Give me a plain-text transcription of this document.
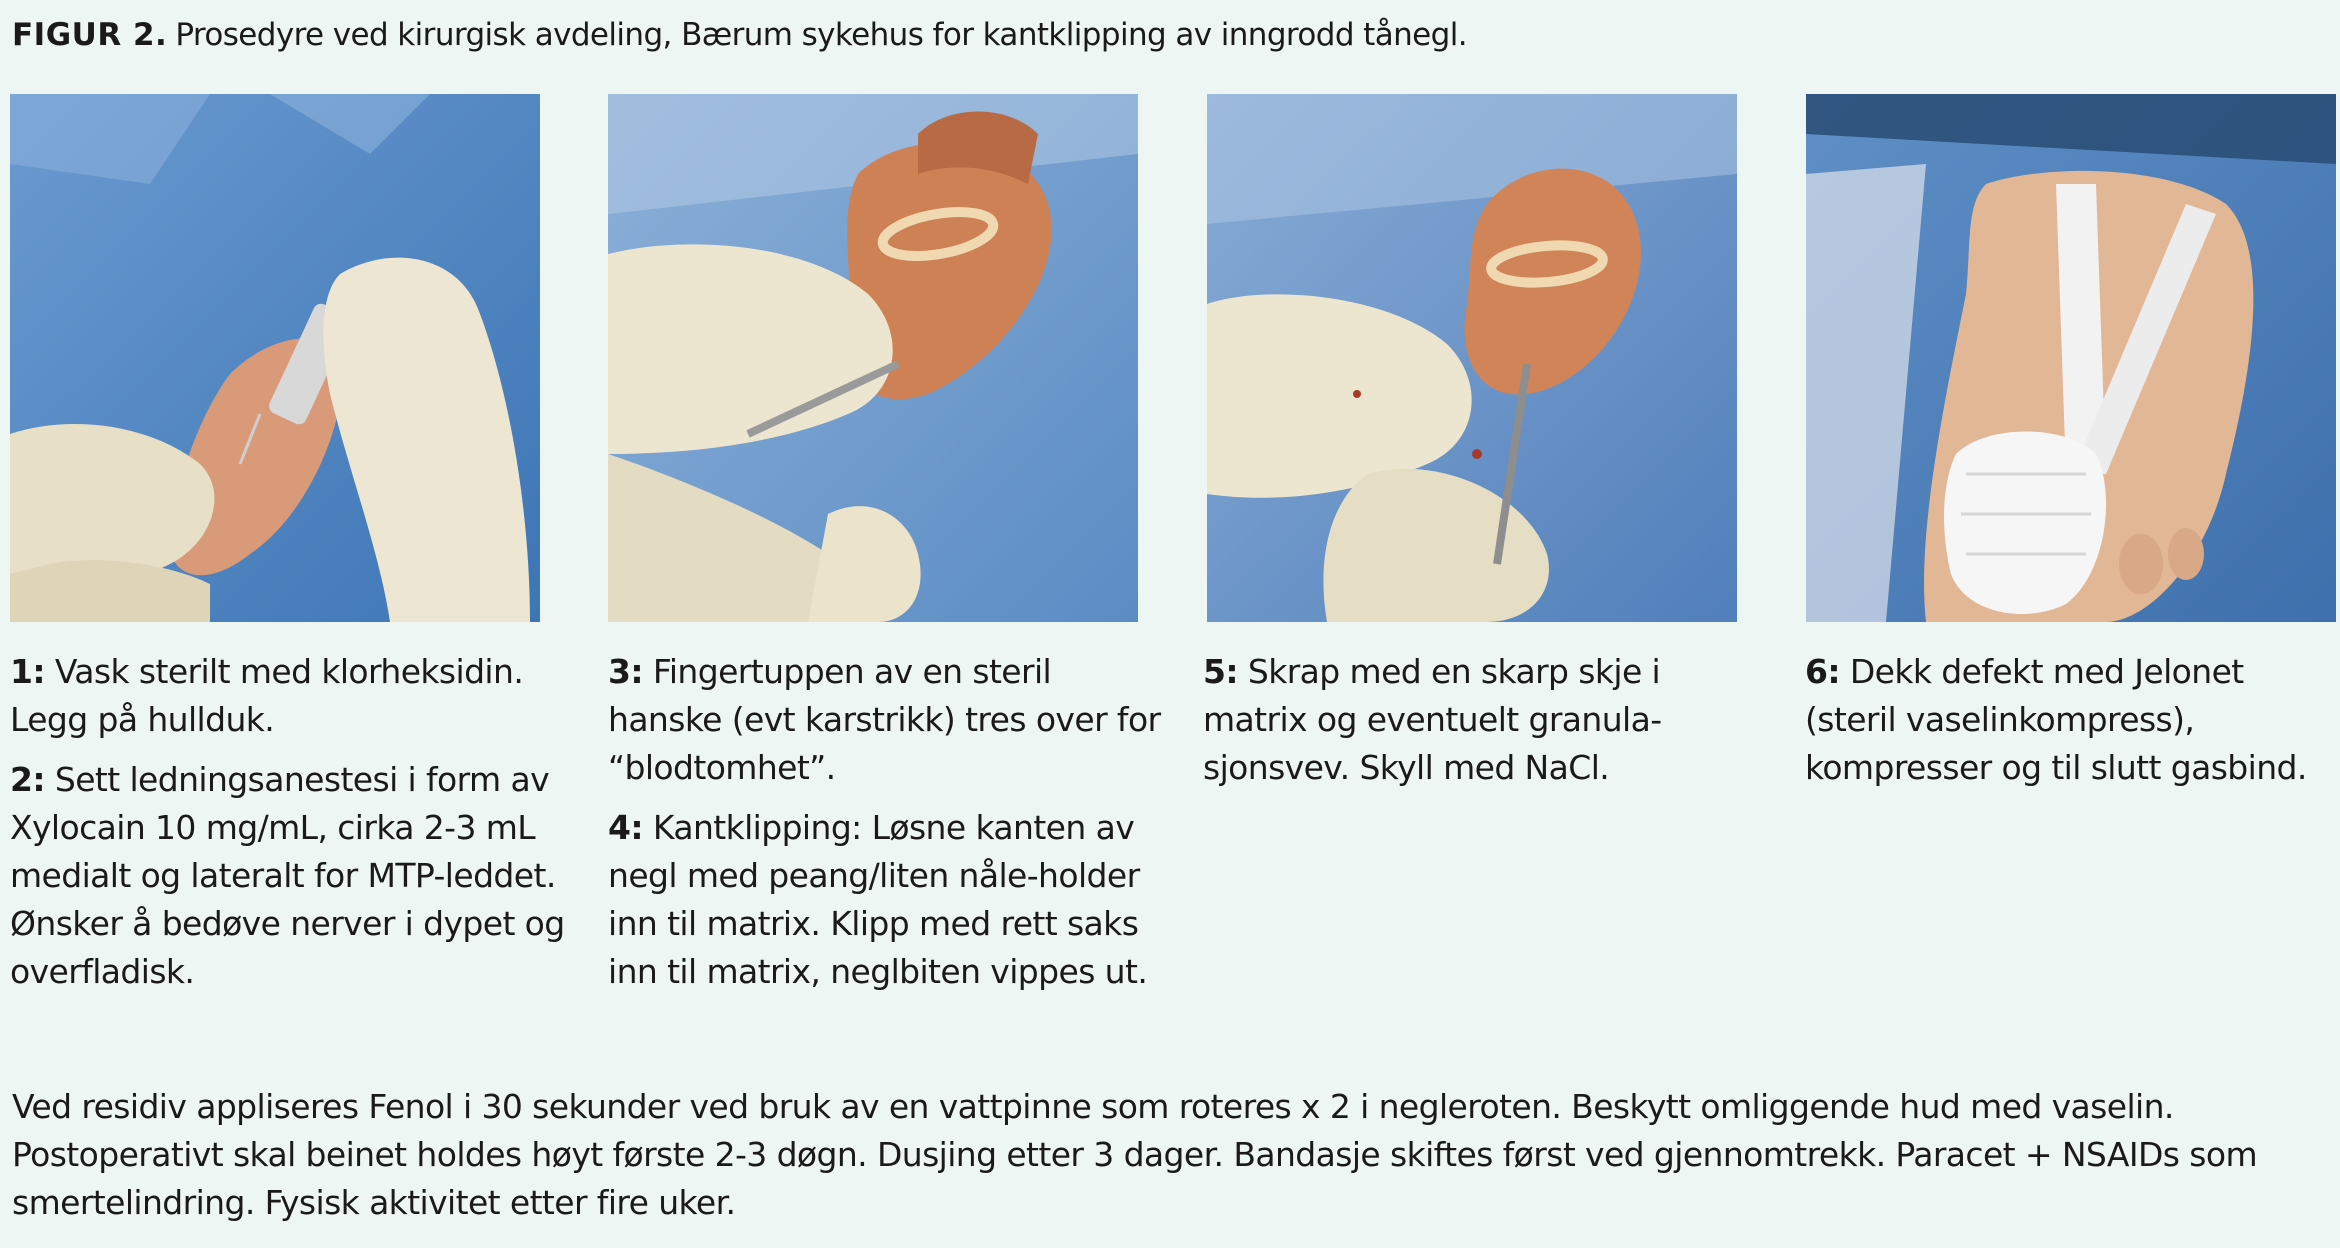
FIGUR 2. Prosedyre ved kirurgisk avdeling, Bærum sykehus for kantklipping av inngrodd tånegl.
1: Vask sterilt med klorheksidin. Legg på hullduk.
2: Sett ledningsanestesi i form av Xylocain 10 mg/mL, cirka 2-3 mL medialt og lateralt for MTP-leddet. Ønsker å bedøve nerver i dypet og overfladisk.
3: Fingertuppen av en steril hanske (evt karstrikk) tres over for “blodtomhet”.
4: Kantklipping: Løsne kanten av negl med peang/liten nåle-holder inn til matrix. Klipp med rett saks inn til matrix, neglbiten vippes ut.
5: Skrap med en skarp skje i matrix og eventuelt granula-sjonsvev. Skyll med NaCl.
6: Dekk defekt med Jelonet (steril vaselinkompress), kompresser og til slutt gasbind.

Ved residiv appliseres Fenol i 30 sekunder ved bruk av en vattpinne som roteres x 2 i negleroten. Beskytt omliggende hud med vaselin.

Postoperativt skal beinet holdes høyt første 2-3 døgn. Dusjing etter 3 dager. Bandasje skiftes først ved gjennomtrekk. Paracet + NSAIDs som smertelindring. Fysisk aktivitet etter fire uker.
